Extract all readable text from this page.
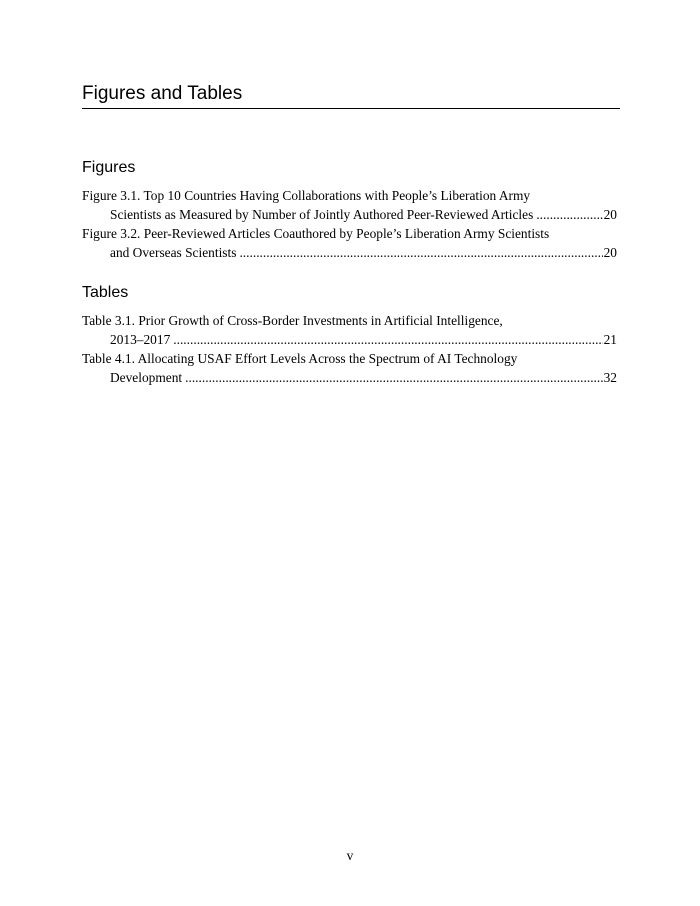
Figures and Tables
Figures
Figure 3.1. Top 10 Countries Having Collaborations with People’s Liberation Army
Scientists as Measured by Number of Jointly Authored Peer-Reviewed Articles .....	20
Figure 3.2. Peer-Reviewed Articles Coauthored by People’s Liberation Army Scientists
and Overseas Scientists .....	20
Tables
Table 3.1. Prior Growth of Cross-Border Investments in Artificial Intelligence,
2013–2017 .....	21
Table 4.1. Allocating USAF Effort Levels Across the Spectrum of AI Technology
Development .....	32
v
